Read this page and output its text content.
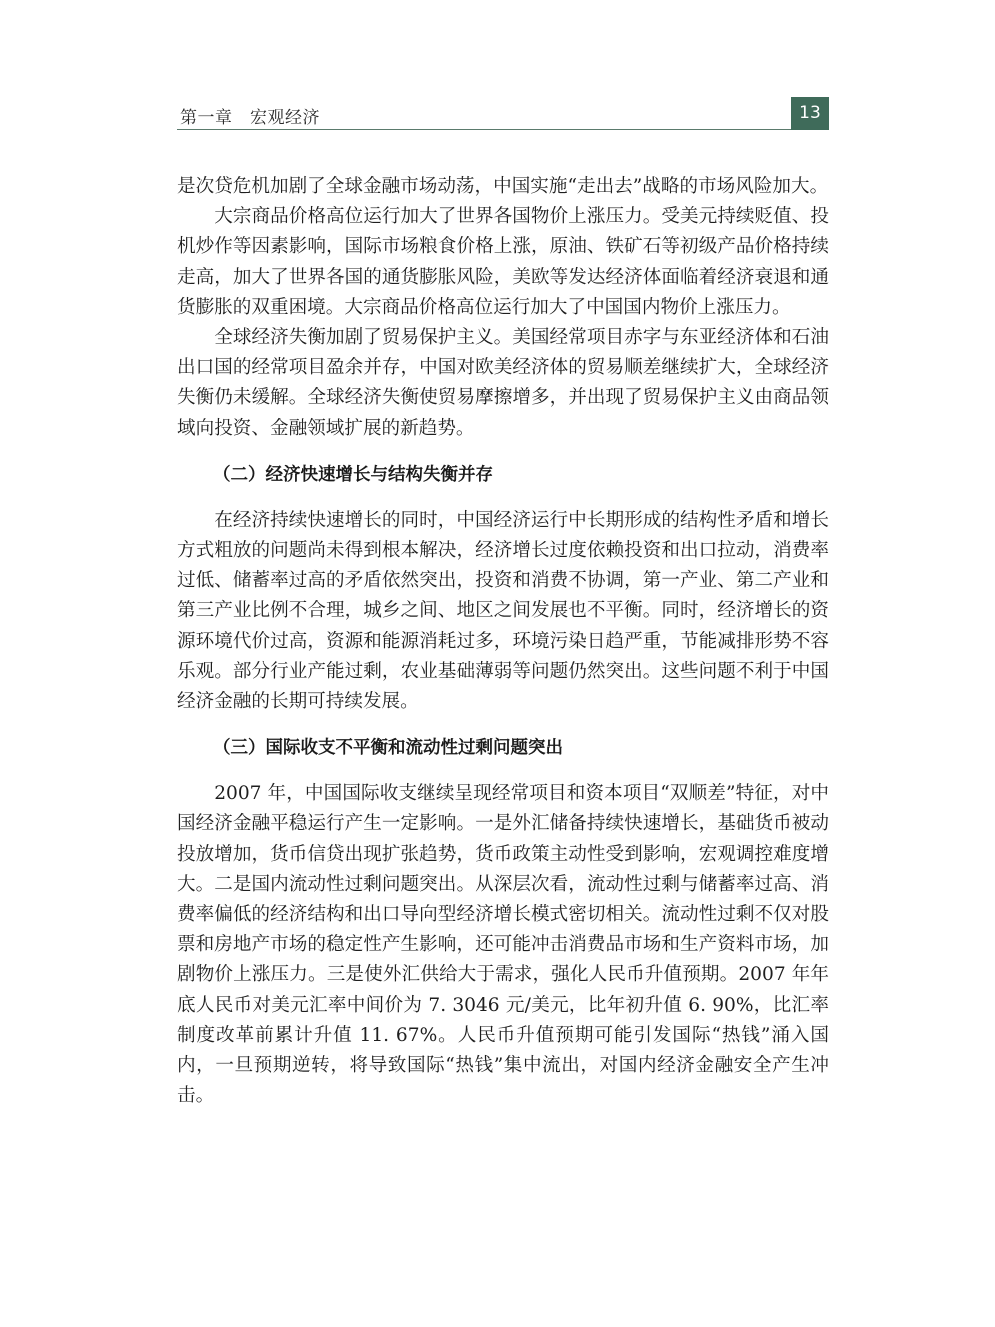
第一章　宏观经济	13

是次贷危机加剧了全球金融市场动荡，中国实施“走出去”战略的市场风险加大。

大宗商品价格高位运行加大了世界各国物价上涨压力。受美元持续贬值、投机炒作等因素影响，国际市场粮食价格上涨，原油、铁矿石等初级产品价格持续走高，加大了世界各国的通货膨胀风险，美欧等发达经济体面临着经济衰退和通货膨胀的双重困境。大宗商品价格高位运行加大了中国国内物价上涨压力。

全球经济失衡加剧了贸易保护主义。美国经常项目赤字与东亚经济体和石油出口国的经常项目盈余并存，中国对欧美经济体的贸易顺差继续扩大，全球经济失衡仍未缓解。全球经济失衡使贸易摩擦增多，并出现了贸易保护主义由商品领域向投资、金融领域扩展的新趋势。

（二）经济快速增长与结构失衡并存

在经济持续快速增长的同时，中国经济运行中长期形成的结构性矛盾和增长方式粗放的问题尚未得到根本解决，经济增长过度依赖投资和出口拉动，消费率过低、储蓄率过高的矛盾依然突出，投资和消费不协调，第一产业、第二产业和第三产业比例不合理，城乡之间、地区之间发展也不平衡。同时，经济增长的资源环境代价过高，资源和能源消耗过多，环境污染日趋严重，节能减排形势不容乐观。部分行业产能过剩，农业基础薄弱等问题仍然突出。这些问题不利于中国经济金融的长期可持续发展。

（三）国际收支不平衡和流动性过剩问题突出

2007 年，中国国际收支继续呈现经常项目和资本项目“双顺差”特征，对中国经济金融平稳运行产生一定影响。一是外汇储备持续快速增长，基础货币被动投放增加，货币信贷出现扩张趋势，货币政策主动性受到影响，宏观调控难度增大。二是国内流动性过剩问题突出。从深层次看，流动性过剩与储蓄率过高、消费率偏低的经济结构和出口导向型经济增长模式密切相关。流动性过剩不仅对股票和房地产市场的稳定性产生影响，还可能冲击消费品市场和生产资料市场，加剧物价上涨压力。三是使外汇供给大于需求，强化人民币升值预期。2007 年年底人民币对美元汇率中间价为 7. 3046 元/美元，比年初升值 6. 90%，比汇率制度改革前累计升值 11. 67%。人民币升值预期可能引发国际“热钱”涌入国内，一旦预期逆转，将导致国际“热钱”集中流出，对国内经济金融安全产生冲击。
